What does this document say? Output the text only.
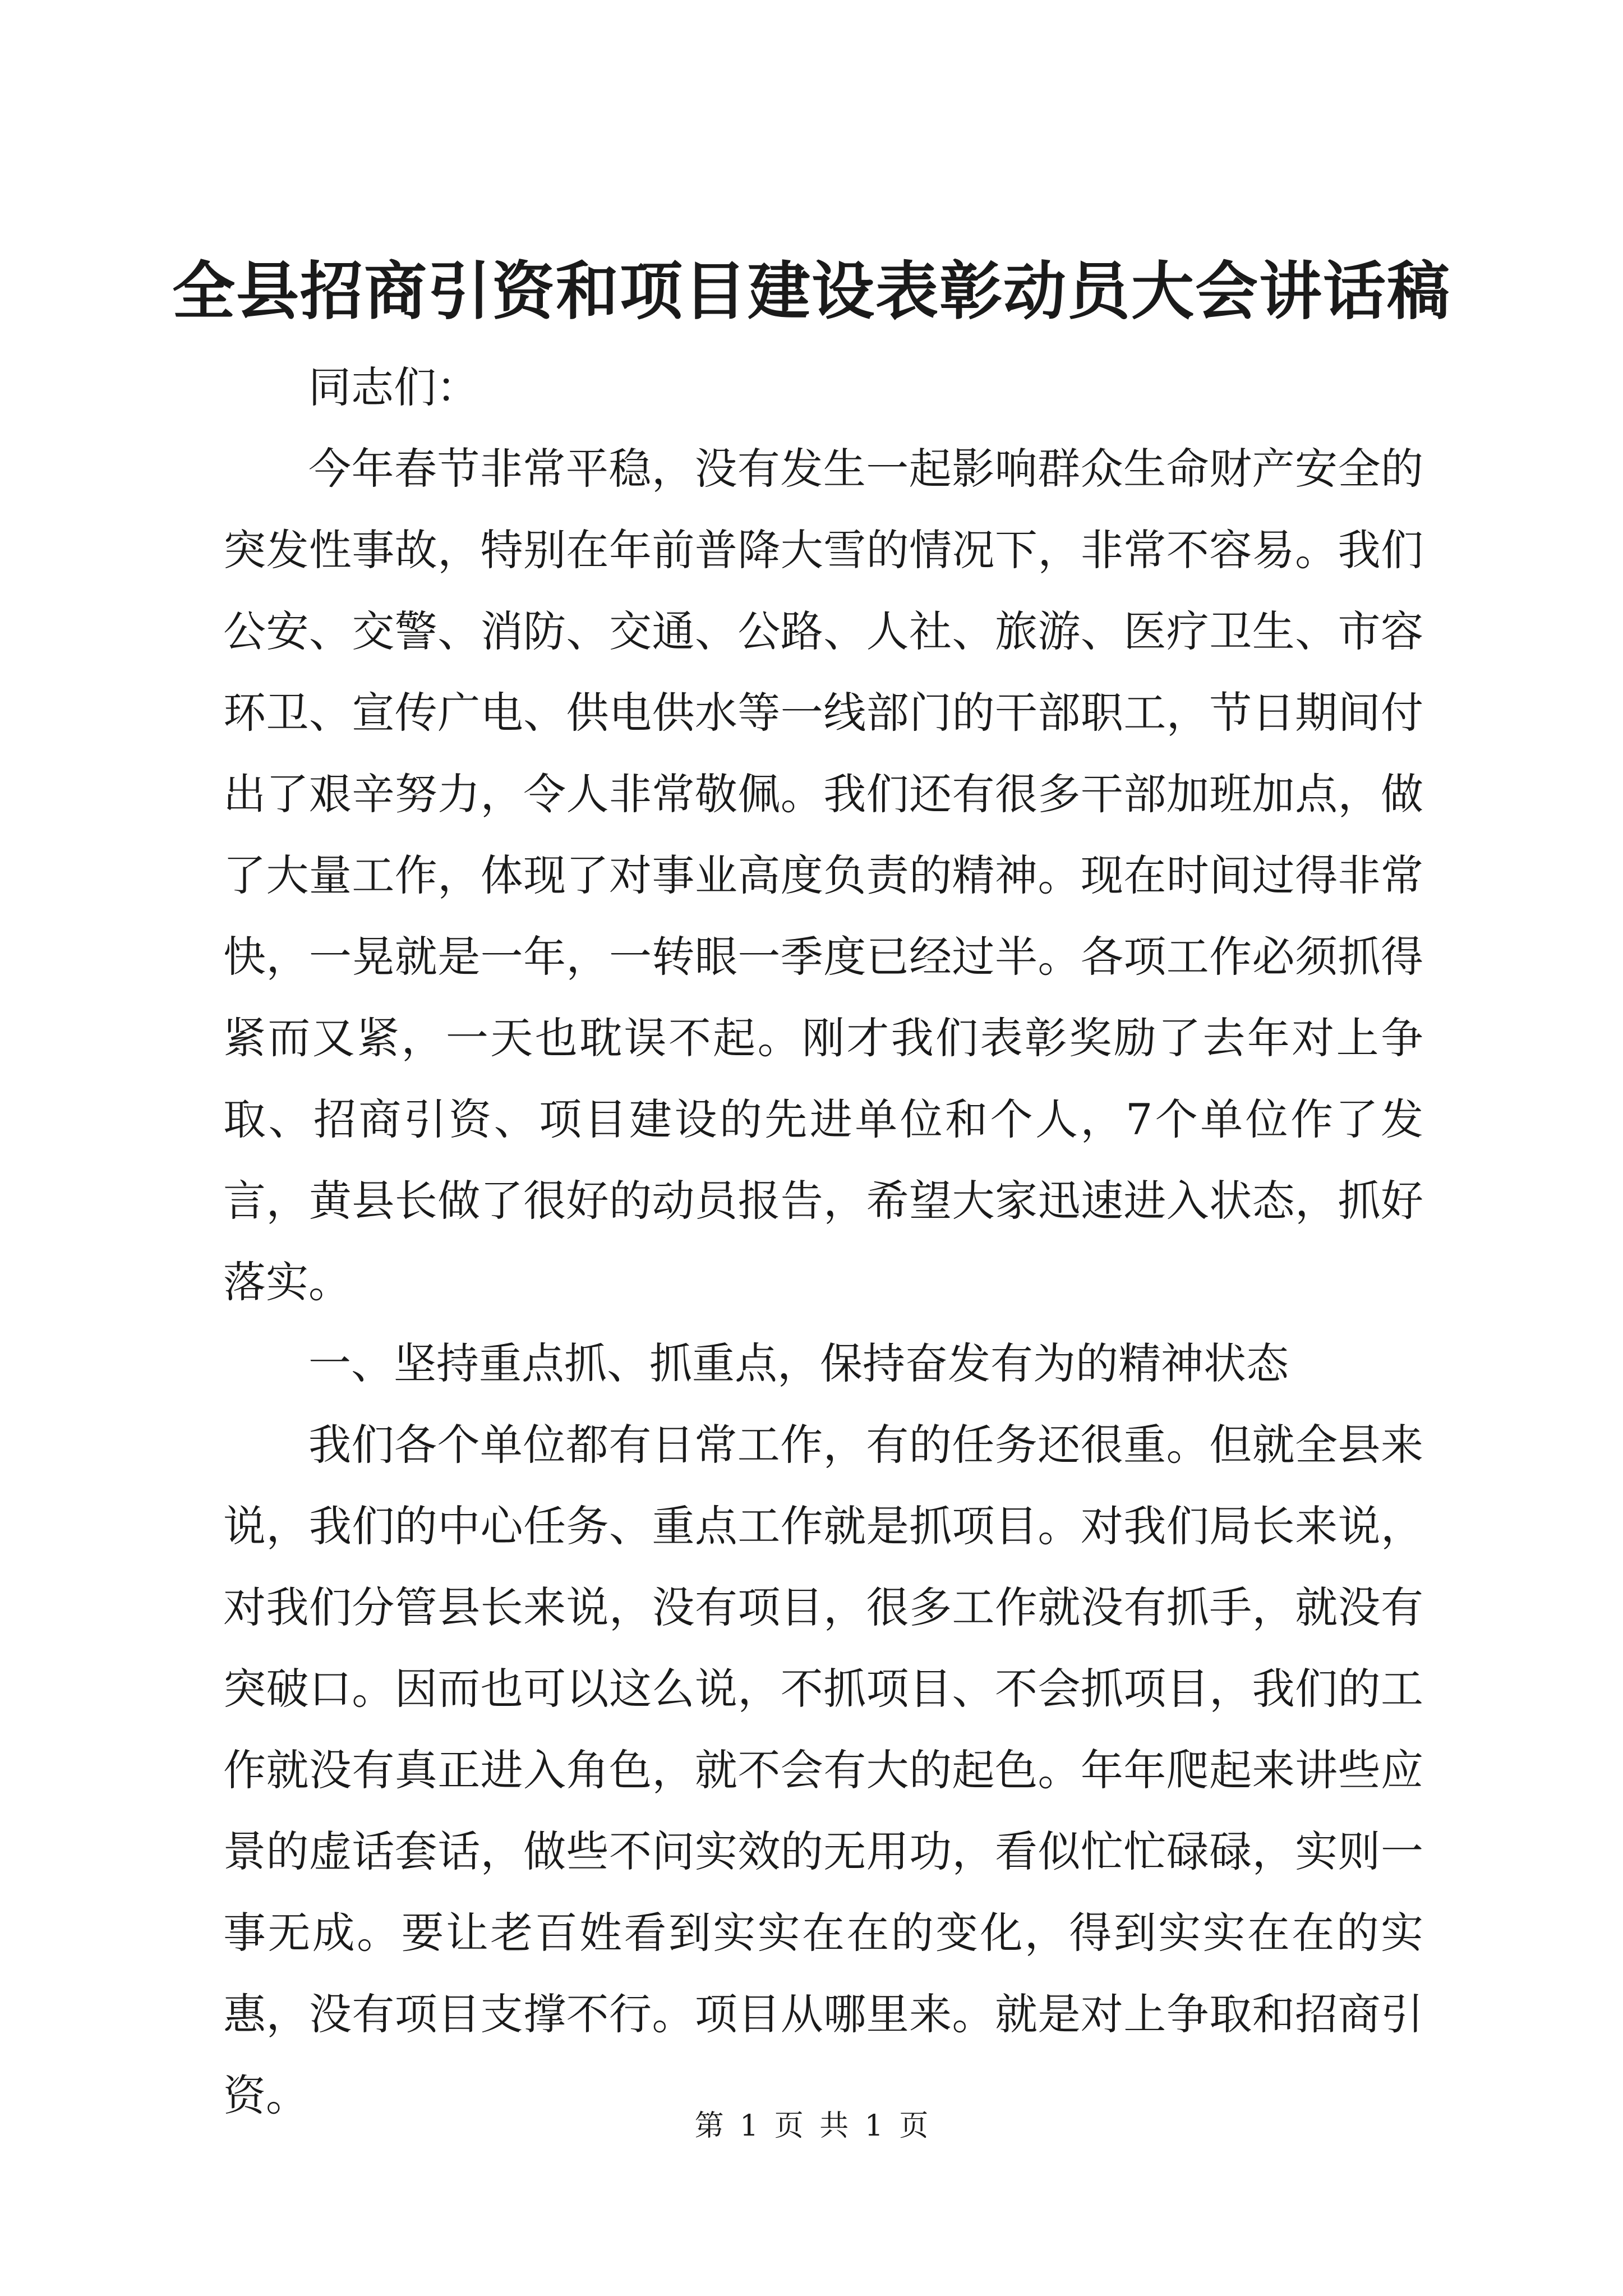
全县招商引资和项目建设表彰动员大会讲话稿

同志们：

今年春节非常平稳，没有发生一起影响群众生命财产安全的突发性事故，特别在年前普降大雪的情况下，非常不容易。我们公安、交警、消防、交通、公路、人社、旅游、医疗卫生、市容环卫、宣传广电、供电供水等一线部门的干部职工，节日期间付出了艰辛努力，令人非常敬佩。我们还有很多干部加班加点，做了大量工作，体现了对事业高度负责的精神。现在时间过得非常快，一晃就是一年，一转眼一季度已经过半。各项工作必须抓得紧而又紧，一天也耽误不起。刚才我们表彰奖励了去年对上争取、招商引资、项目建设的先进单位和个人，7个单位作了发言，黄县长做了很好的动员报告，希望大家迅速进入状态，抓好落实。

一、坚持重点抓、抓重点，保持奋发有为的精神状态

我们各个单位都有日常工作，有的任务还很重。但就全县来说，我们的中心任务、重点工作就是抓项目。对我们局长来说，对我们分管县长来说，没有项目，很多工作就没有抓手，就没有突破口。因而也可以这么说，不抓项目、不会抓项目，我们的工作就没有真正进入角色，就不会有大的起色。年年爬起来讲些应景的虚话套话，做些不问实效的无用功，看似忙忙碌碌，实则一事无成。要让老百姓看到实实在在的变化，得到实实在在的实惠，没有项目支撑不行。项目从哪里来。就是对上争取和招商引资。

第 1 页 共 1 页
